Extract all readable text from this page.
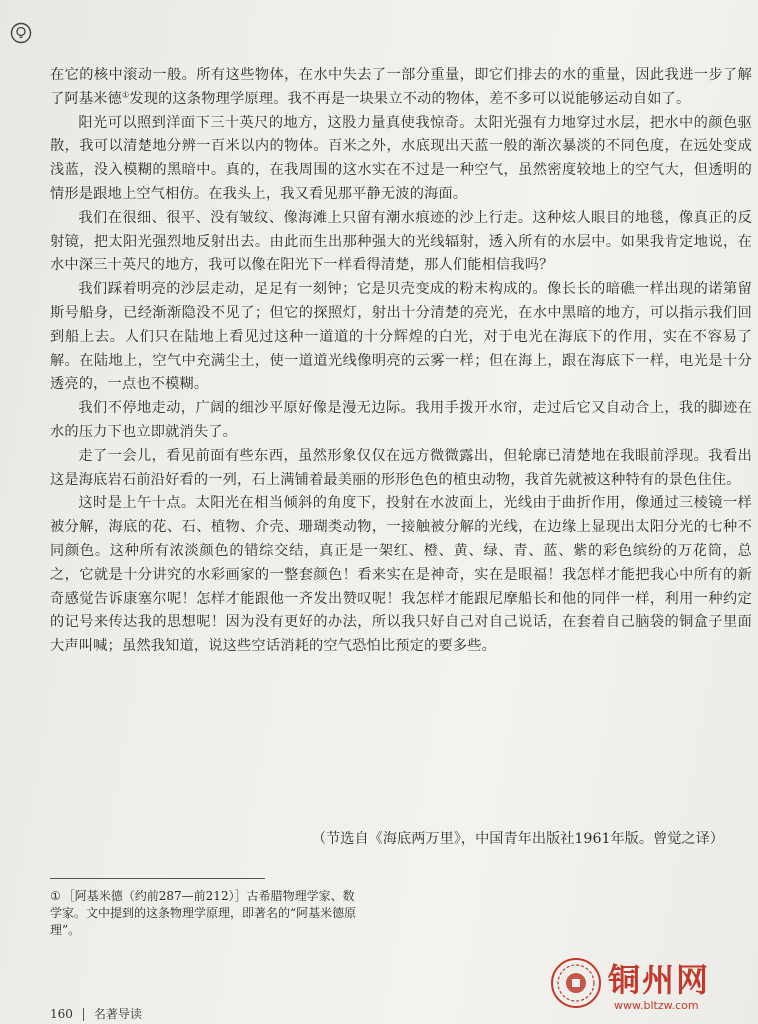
在它的核中滚动一般。所有这些物体，在水中失去了一部分重量，即它们排去的水的重量，因此我进一步了解了阿基米德①发现的这条物理学原理。我不再是一块果立不动的物体，差不多可以说能够运动自如了。

阳光可以照到洋面下三十英尺的地方，这股力量真使我惊奇。太阳光强有力地穿过水层，把水中的颜色驱散，我可以清楚地分辨一百米以内的物体。百米之外，水底现出天蓝一般的渐次暴淡的不同色度，在远处变成浅蓝，没入模糊的黑暗中。真的，在我周围的这水实在不过是一种空气，虽然密度较地上的空气大，但透明的情形是跟地上空气相仿。在我头上，我又看见那平静无波的海面。

我们在很细、很平、没有皱纹、像海滩上只留有潮水痕迹的沙上行走。这种炫人眼目的地毯，像真正的反射镜，把太阳光强烈地反射出去。由此而生出那种强大的光线辐射，透入所有的水层中。如果我肯定地说，在水中深三十英尺的地方，我可以像在阳光下一样看得清楚，那人们能相信我吗？

我们踩着明亮的沙层走动，足足有一刻钟；它是贝壳变成的粉末构成的。像长长的暗礁一样出现的诺第留斯号船身，已经渐渐隐没不见了；但它的探照灯，射出十分清楚的亮光，在水中黑暗的地方，可以指示我们回到船上去。人们只在陆地上看见过这种一道道的十分辉煌的白光，对于电光在海底下的作用，实在不容易了解。在陆地上，空气中充满尘土，使一道道光线像明亮的云雾一样；但在海上，跟在海底下一样，电光是十分透亮的，一点也不模糊。

我们不停地走动，广阔的细沙平原好像是漫无边际。我用手拨开水帘，走过后它又自动合上，我的脚迹在水的压力下也立即就消失了。

走了一会儿，看见前面有些东西，虽然形象仅仅在远方微微露出，但轮廓已清楚地在我眼前浮现。我看出这是海底岩石前沿好看的一列，石上满铺着最美丽的形形色色的植虫动物，我首先就被这种特有的景色住住。

这时是上午十点。太阳光在相当倾斜的角度下，投射在水波面上，光线由于曲折作用，像通过三棱镜一样被分解，海底的花、石、植物、介壳、珊瑚类动物，一接触被分解的光线，在边缘上显现出太阳分光的七种不同颜色。这种所有浓淡颜色的错综交结，真正是一架红、橙、黄、绿、青、蓝、紫的彩色缤纷的万花筒，总之，它就是十分讲究的水彩画家的一整套颜色！看来实在是神奇，实在是眼福！我怎样才能把我心中所有的新奇感觉告诉康塞尔呢！怎样才能跟他一齐发出赞叹呢！我怎样才能跟尼摩船长和他的同伴一样，利用一种约定的记号来传达我的思想呢！因为没有更好的办法，所以我只好自己对自己说话，在套着自己脑袋的铜盒子里面大声叫喊；虽然我知道，说这些空话消耗的空气恐怕比预定的要多些。

（节选自《海底两万里》，中国青年出版社1961年版。曾觉之译）
① ［阿基米德（约前287—前212）］古希腊物理学家、数学家。文中提到的这条物理学原理，即著名的“阿基米德原理”。
160 名著导读
铜州网
www.bltzw.com
